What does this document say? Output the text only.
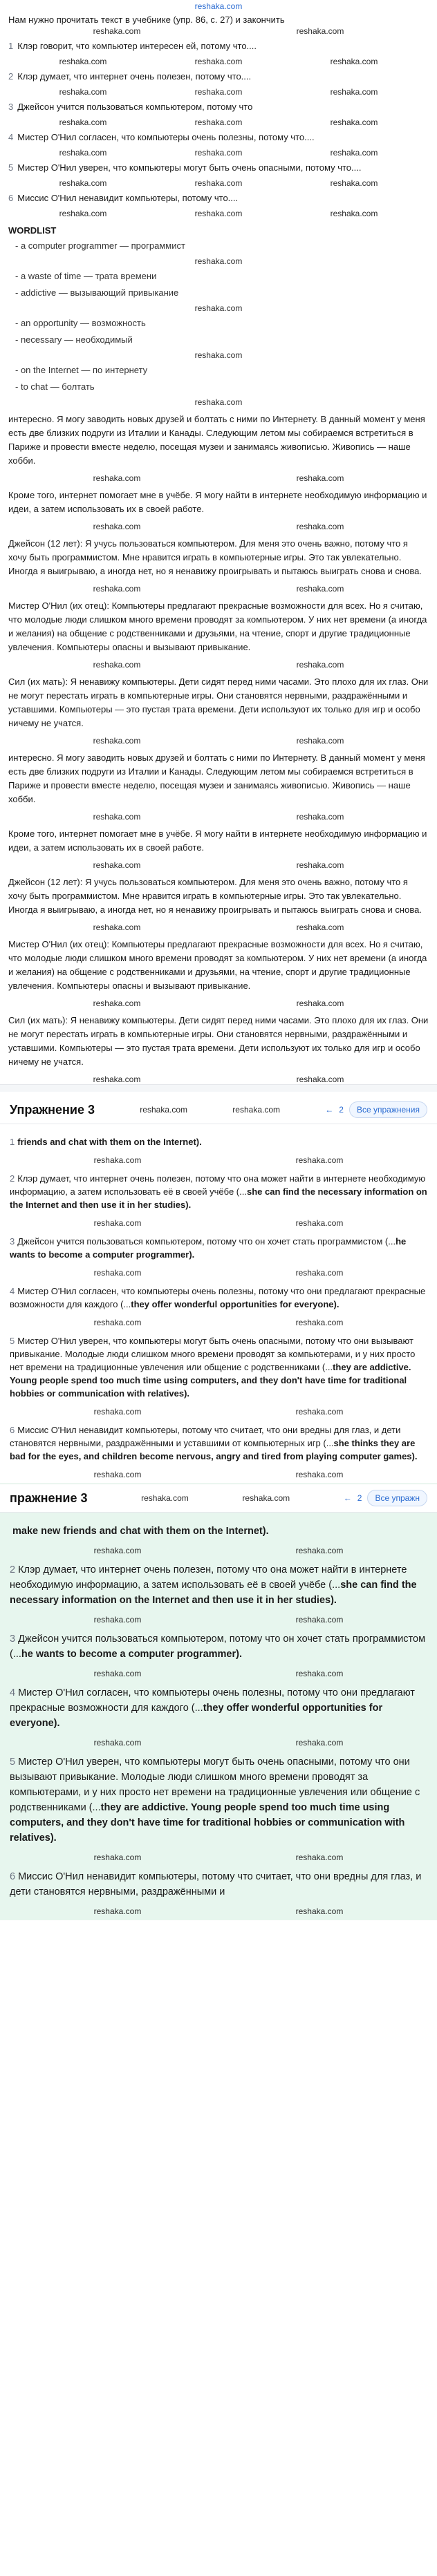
reshaka.com

Нам нужно прочитать текст в учебнике (упр. 86, с. 27) и закончить

reshaka.com	reshaka.com
1 Клэр говорит, что компьютер интересен ей, потому что....
reshaka.com	reshaka.com	reshaka.com
2 Клэр думает, что интернет очень полезен, потому что....
reshaka.com	reshaka.com	reshaka.com
3 Джейсон учится пользоваться компьютером, потому что
reshaka.com	reshaka.com	reshaka.com
4 Мистер О'Нил согласен, что компьютеры очень полезны, потому что....
reshaka.com	reshaka.com	reshaka.com
5 Мистер О'Нил уверен, что компьютеры могут быть очень опасными, потому что....
reshaka.com	reshaka.com	reshaka.com
6 Миссис О'Нил ненавидит компьютеры, потому что....
reshaka.com	reshaka.com	reshaka.com
WORDLIST
- a computer programmer — программист
reshaka.com
- a waste of time — трата времени
- addictive — вызывающий привыкание
reshaka.com
- an opportunity — возможность
- necessary — необходимый
reshaka.com
- on the Internet — по интернету
- to chat — болтать
reshaka.com

интересно. Я могу заводить новых друзей и болтать с ними по Интернету. В данный момент у меня есть две близких подруги из Италии и Канады. Следующим летом мы собираемся встретиться в Париже и провести вместе неделю, посещая музеи и занимаясь живописью. Живопись — наше хобби.

reshaka.com	reshaka.com

Кроме того, интернет помогает мне в учёбе. Я могу найти в интернете необходимую информацию и идеи, а затем использовать их в своей работе.

reshaka.com	reshaka.com

Джейсон (12 лет): Я учусь пользоваться компьютером. Для меня это очень важно, потому что я хочу быть программистом. Мне нравится играть в компьютерные игры. Это так увлекательно. Иногда я выигрываю, а иногда нет, но я ненавижу проигрывать и пытаюсь выиграть снова и снова.

reshaka.com	reshaka.com

Мистер О'Нил (их отец): Компьютеры предлагают прекрасные возможности для всех. Но я считаю, что молодые люди слишком много времени проводят за компьютером. У них нет времени (а иногда и желания) на общение с родственниками и друзьями, на чтение, спорт и другие традиционные увлечения. Компьютеры опасны и вызывают привыкание.

reshaka.com	reshaka.com

Сил (их мать): Я ненавижу компьютеры. Дети сидят перед ними часами. Это плохо для их глаз. Они не могут перестать играть в компьютерные игры. Они становятся нервными, раздражёнными и уставшими. Компьютеры — это пустая трата времени. Дети используют их только для игр и особо ничему не учатся.

reshaka.com	reshaka.com

интересно. Я могу заводить новых друзей и болтать с ними по Интернету. В данный момент у меня есть две близких подруги из Италии и Канады. Следующим летом мы собираемся встретиться в Париже и провести вместе неделю, посещая музеи и занимаясь живописью. Живопись — наше хобби.

reshaka.com	reshaka.com

Кроме того, интернет помогает мне в учёбе. Я могу найти в интернете необходимую информацию и идеи, а затем использовать их в своей работе.

reshaka.com	reshaka.com

Джейсон (12 лет): Я учусь пользоваться компьютером. Для меня это очень важно, потому что я хочу быть программистом. Мне нравится играть в компьютерные игры. Это так увлекательно. Иногда я выигрываю, а иногда нет, но я ненавижу проигрывать и пытаюсь выиграть снова и снова.

reshaka.com	reshaka.com

Мистер О'Нил (их отец): Компьютеры предлагают прекрасные возможности для всех. Но я считаю, что молодые люди слишком много времени проводят за компьютером. У них нет времени (а иногда и желания) на общение с родственниками и друзьями, на чтение, спорт и другие традиционные увлечения. Компьютеры опасны и вызывают привыкание.

reshaka.com	reshaka.com

Сил (их мать): Я ненавижу компьютеры. Дети сидят перед ними часами. Это плохо для их глаз. Они не могут перестать играть в компьютерные игры. Они становятся нервными, раздражёнными и уставшими. Компьютеры — это пустая трата времени. Дети используют их только для игр и особо ничему не учатся.

reshaka.com	reshaka.com
Упражнение 3	reshaka.com	reshaka.com	← 2	Все упражнения

1 friends and chat with them on the Internet).

reshaka.com	reshaka.com

2 Клэр думает, что интернет очень полезен, потому что она может найти в интернете необходимую информацию, а затем использовать её в своей учёбе (...she can find the necessary information on the Internet and then use it in her studies).

reshaka.com	reshaka.com

3 Джейсон учится пользоваться компьютером, потому что он хочет стать программистом (...he wants to become a computer programmer).

reshaka.com	reshaka.com

4 Мистер О'Нил согласен, что компьютеры очень полезны, потому что они предлагают прекрасные возможности для каждого (...they offer wonderful opportunities for everyone).

reshaka.com	reshaka.com

5 Мистер О'Нил уверен, что компьютеры могут быть очень опасными, потому что они вызывают привыкание. Молодые люди слишком много времени проводят за компьютерами, и у них просто нет времени на традиционные увлечения или общение с родственниками (...they are addictive. Young people spend too much time using computers, and they don't have time for traditional hobbies or communication with relatives).

reshaka.com	reshaka.com

6 Миссис О'Нил ненавидит компьютеры, потому что считает, что они вредны для глаз, и дети становятся нервными, раздражёнными и уставшими от компьютерных игр (...she thinks they are bad for the eyes, and children become nervous, angry and tired from playing computer games).

reshaka.com	reshaka.com
пражнение 3	reshaka.com	reshaka.com	← 2	Все упражн

make new friends and chat with them on the Internet).

reshaka.com	reshaka.com

2 Клэр думает, что интернет очень полезен, потому что она может найти в интернете необходимую информацию, а затем использовать её в своей учёбе (...she can find the necessary information on the Internet and then use it in her studies).

reshaka.com	reshaka.com

3 Джейсон учится пользоваться компьютером, потому что он хочет стать программистом (...he wants to become a computer programmer).

reshaka.com	reshaka.com

4 Мистер О'Нил согласен, что компьютеры очень полезны, потому что они предлагают прекрасные возможности для каждого (...they offer wonderful opportunities for everyone).

reshaka.com	reshaka.com

5 Мистер О'Нил уверен, что компьютеры могут быть очень опасными, потому что они вызывают привыкание. Молодые люди слишком много времени проводят за компьютерами, и у них просто нет времени на традиционные увлечения или общение с родственниками (...they are addictive. Young people spend too much time using computers, and they don't have time for traditional hobbies or communication with relatives).

reshaka.com	reshaka.com

6 Миссис О'Нил ненавидит компьютеры, потому что считает, что они вредны для глаз, и дети становятся нервными, раздражёнными и

reshaka.com	reshaka.com
